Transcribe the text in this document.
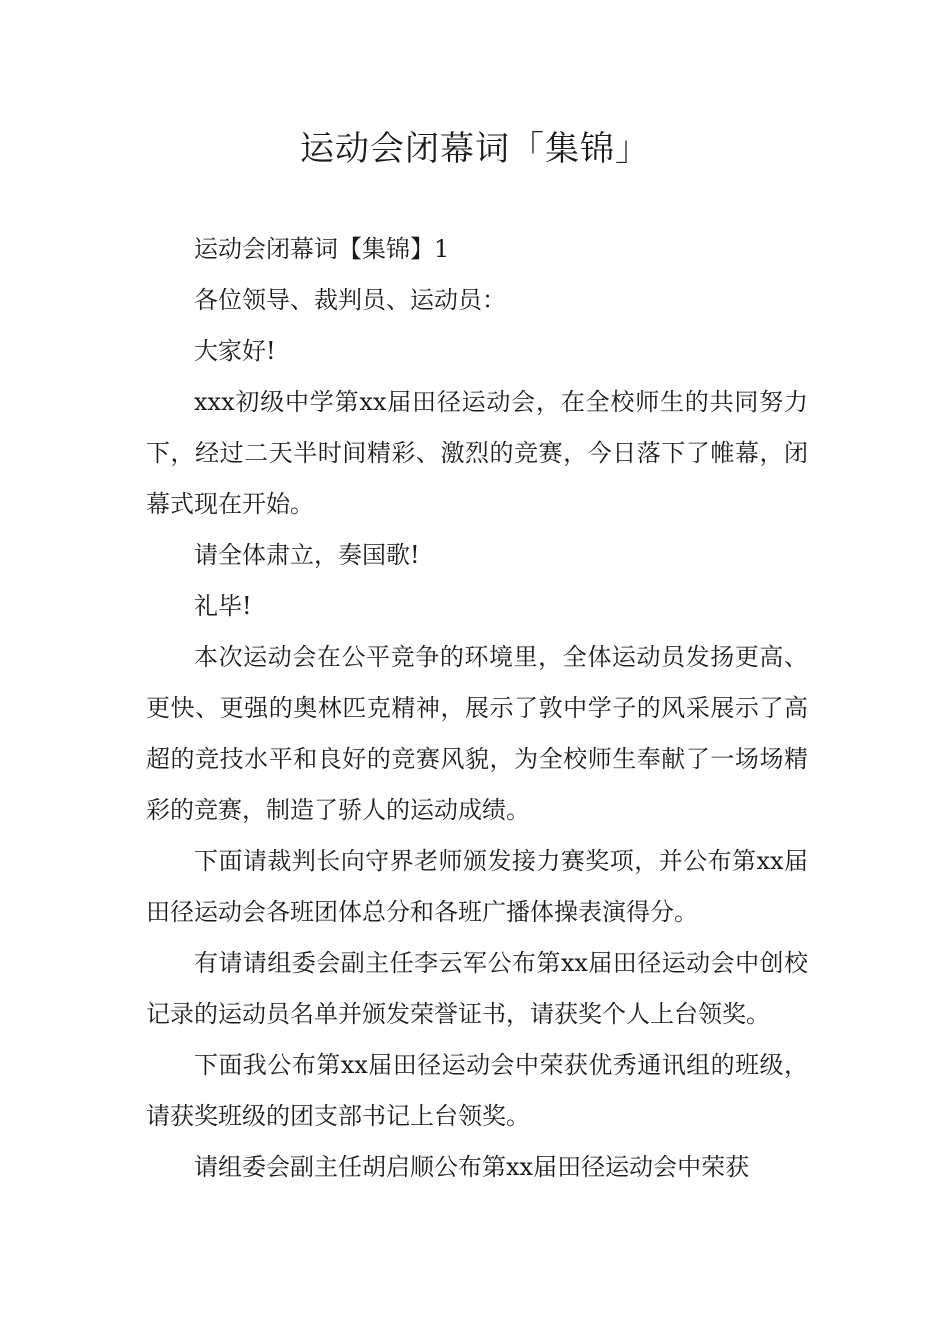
运动会闭幕词「集锦」

运动会闭幕词【集锦】1

各位领导、裁判员、运动员：

大家好!

xxx初级中学第xx届田径运动会，在全校师生的共同努力下，经过二天半时间精彩、激烈的竞赛，今日落下了帷幕，闭幕式现在开始。

请全体肃立，奏国歌!

礼毕!

本次运动会在公平竞争的环境里，全体运动员发扬更高、更快、更强的奥林匹克精神，展示了敦中学子的风采展示了高超的竞技水平和良好的竞赛风貌，为全校师生奉献了一场场精彩的竞赛，制造了骄人的运动成绩。

下面请裁判长向守界老师颁发接力赛奖项，并公布第xx届田径运动会各班团体总分和各班广播体操表演得分。

有请请组委会副主任李云军公布第xx届田径运动会中创校记录的运动员名单并颁发荣誉证书，请获奖个人上台领奖。

下面我公布第xx届田径运动会中荣获优秀通讯组的班级，请获奖班级的团支部书记上台领奖。

请组委会副主任胡启顺公布第xx届田径运动会中荣获
